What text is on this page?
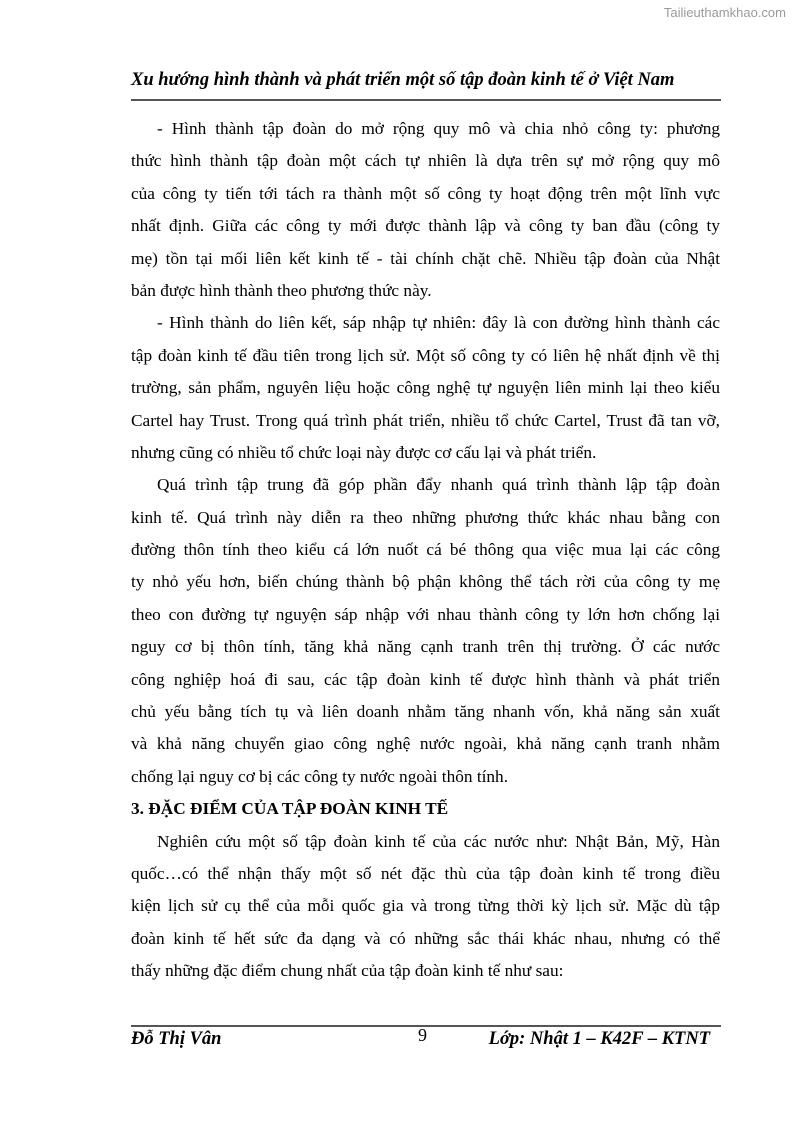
Tailieuthamkhao.com
Xu hướng hình thành và phát triển một số tập đoàn kinh tế ở Việt Nam
- Hình thành tập đoàn do mở rộng quy mô và chia nhỏ công ty: phương
thức hình thành tập đoàn một cách tự nhiên là dựa trên sự mở rộng quy mô
của công ty tiến tới tách ra thành một số công ty hoạt động trên một lĩnh vực
nhất định. Giữa các công ty mới được thành lập và công ty ban đầu (công ty
mẹ) tồn tại mối liên kết kinh tế - tài chính chặt chẽ. Nhiều tập đoàn của Nhật
bản được hình thành theo phương thức này.
- Hình thành do liên kết, sáp nhập tự nhiên: đây là con đường hình thành các
tập đoàn kinh tế đầu tiên trong lịch sử. Một số công ty có liên hệ nhất định về thị
trường, sản phẩm, nguyên liệu hoặc công nghệ tự nguyện liên minh lại theo kiểu
Cartel hay Trust. Trong quá trình phát triển, nhiều tổ chức Cartel, Trust đã tan vỡ,
nhưng cũng có nhiều tổ chức loại này được cơ cấu lại và phát triển.
Quá trình tập trung đã góp phần đẩy nhanh quá trình thành lập tập đoàn
kinh tế. Quá trình này diễn ra theo những phương thức khác nhau bằng con
đường thôn tính theo kiểu cá lớn nuốt cá bé thông qua việc mua lại các công
ty nhỏ yếu hơn, biến chúng thành bộ phận không thể tách rời của công ty mẹ
theo con đường tự nguyện sáp nhập với nhau thành công ty lớn hơn chống lại
nguy cơ bị thôn tính, tăng khả năng cạnh tranh trên thị trường. Ở các nước
công nghiệp hoá đi sau, các tập đoàn kinh tế được hình thành và phát triển
chủ yếu bằng tích tụ và liên doanh nhằm tăng nhanh vốn, khả năng sản xuất
và khả năng chuyển giao công nghệ nước ngoài, khả năng cạnh tranh nhằm
chống lại nguy cơ bị các công ty nước ngoài thôn tính.
3. ĐẶC ĐIỂM CỦA TẬP ĐOÀN KINH TẾ
Nghiên cứu một số tập đoàn kinh tế của các nước như: Nhật Bản, Mỹ, Hàn
quốc…có thể nhận thấy một số nét đặc thù của tập đoàn kinh tế trong điều
kiện lịch sử cụ thể của mỗi quốc gia và trong từng thời kỳ lịch sử. Mặc dù tập
đoàn kinh tế hết sức đa dạng và có những sắc thái khác nhau, nhưng có thể
thấy những đặc điểm chung nhất của tập đoàn kinh tế như sau:
Đỗ Thị Vân	9	Lớp: Nhật 1 – K42F – KTNT
